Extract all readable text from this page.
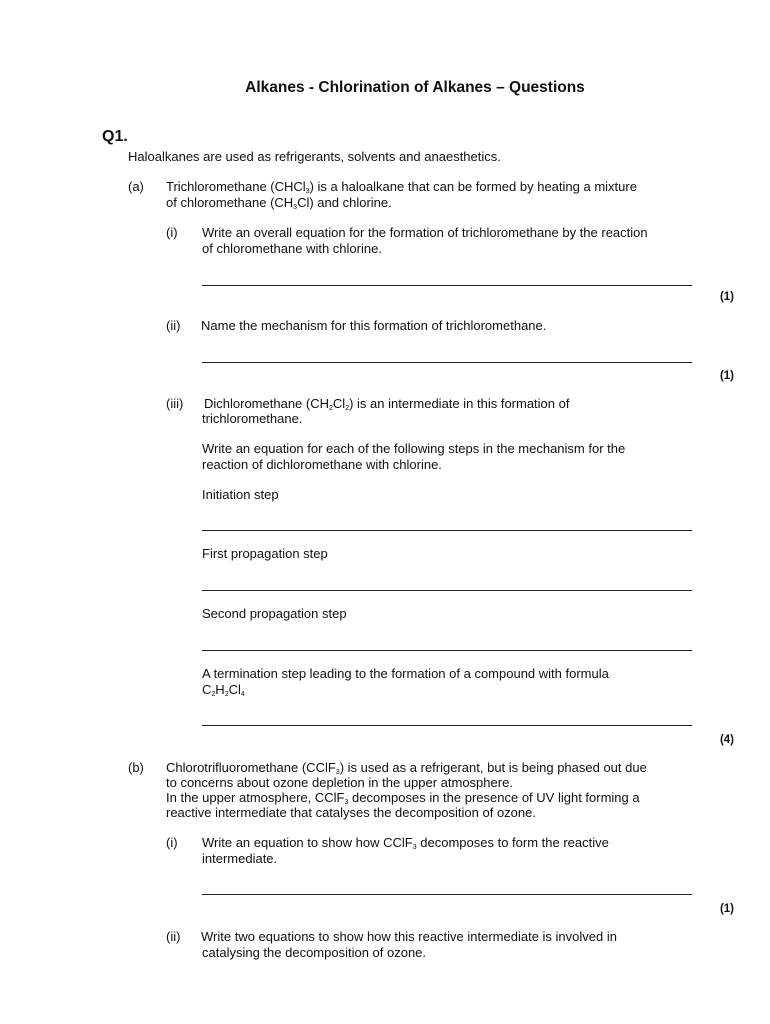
Alkanes - Chlorination of Alkanes – Questions
Q1.
Haloalkanes are used as refrigerants, solvents and anaesthetics.
(a)	Trichloromethane (CHCl$_3$) is a haloalkane that can be formed by heating a mixture
of chloromethane $(CH_3Cl)$ and chlorine.
(i)	Write an overall equation for the formation of trichloromethane by the reaction
of chloromethane with chlorine.
(1)
(ii)	Name the mechanism for this formation of trichloromethane.
(1)
(iii)	Dichloromethane $(CH_2Cl_2)$ is an intermediate in this formation of
trichloromethane.
Write an equation for each of the following steps in the mechanism for the
reaction of dichloromethane with chlorine.
Initiation step
First propagation step
Second propagation step
A termination step leading to the formation of a compound with formula
$C_2H_2Cl_4$
(4)
(b)	Chlorotrifluoromethane (CClF$_3$) is used as a refrigerant, but is being phased out due
to concerns about ozone depletion in the upper atmosphere.
In the upper atmosphere, CClF$_3$ decomposes in the presence of UV light forming a
reactive intermediate that catalyses the decomposition of ozone.
(i)	Write an equation to show how CClF$_3$ decomposes to form the reactive
intermediate.
(1)
(ii)	Write two equations to show how this reactive intermediate is involved in
catalysing the decomposition of ozone.
